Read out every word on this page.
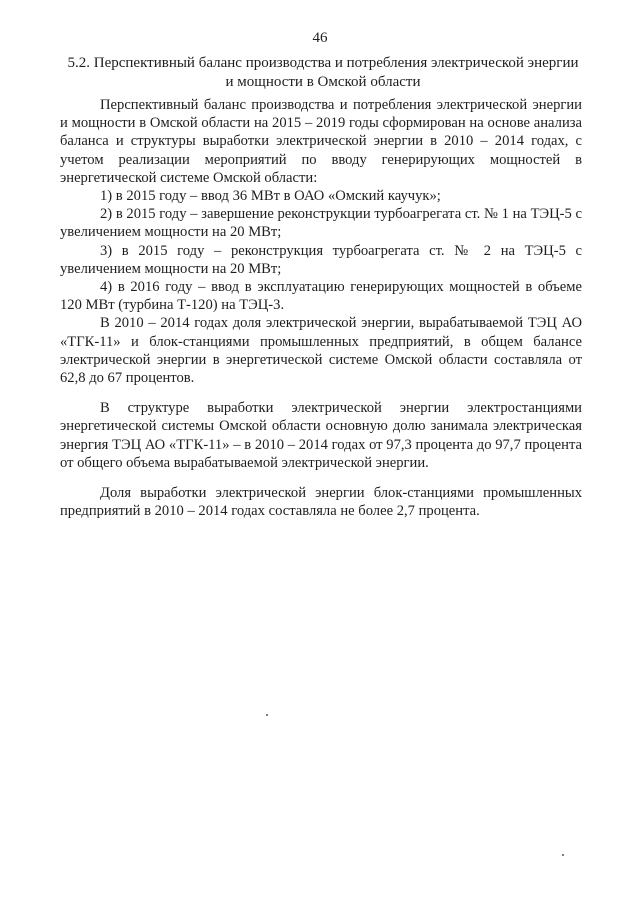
46
5.2. Перспективный баланс производства и потребления электрической энергии
и мощности в Омской области

Перспективный баланс производства и потребления электрической энергии и мощности в Омской области на 2015 – 2019 годы сформирован на основе анализа баланса и структуры выработки электрической энергии в 2010 – 2014 годах, с учетом реализации мероприятий по вводу генерирующих мощностей в энергетической системе Омской области:

1) в 2015 году – ввод 36 МВт в ОАО «Омский каучук»;

2) в 2015 году – завершение реконструкции турбоагрегата ст. № 1 на ТЭЦ-5 с увеличением мощности на 20 МВт;

3) в 2015 году – реконструкция турбоагрегата ст. № 2 на ТЭЦ-5 с увеличением мощности на 20 МВт;

4) в 2016 году – ввод в эксплуатацию генерирующих мощностей в объеме 120 МВт (турбина Т-120) на ТЭЦ-3.

В 2010 – 2014 годах доля электрической энергии, вырабатываемой ТЭЦ АО «ТГК-11» и блок-станциями промышленных предприятий, в общем балансе электрической энергии в энергетической системе Омской области составляла от 62,8 до 67 процентов.

В структуре выработки электрической энергии электростанциями энергетической системы Омской области основную долю занимала электрическая энергия ТЭЦ АО «ТГК-11» – в 2010 – 2014 годах от 97,3 процента до 97,7 процента от общего объема вырабатываемой электрической энергии.

Доля выработки электрической энергии блок-станциями промышленных предприятий в 2010 – 2014 годах составляла не более 2,7 процента.
